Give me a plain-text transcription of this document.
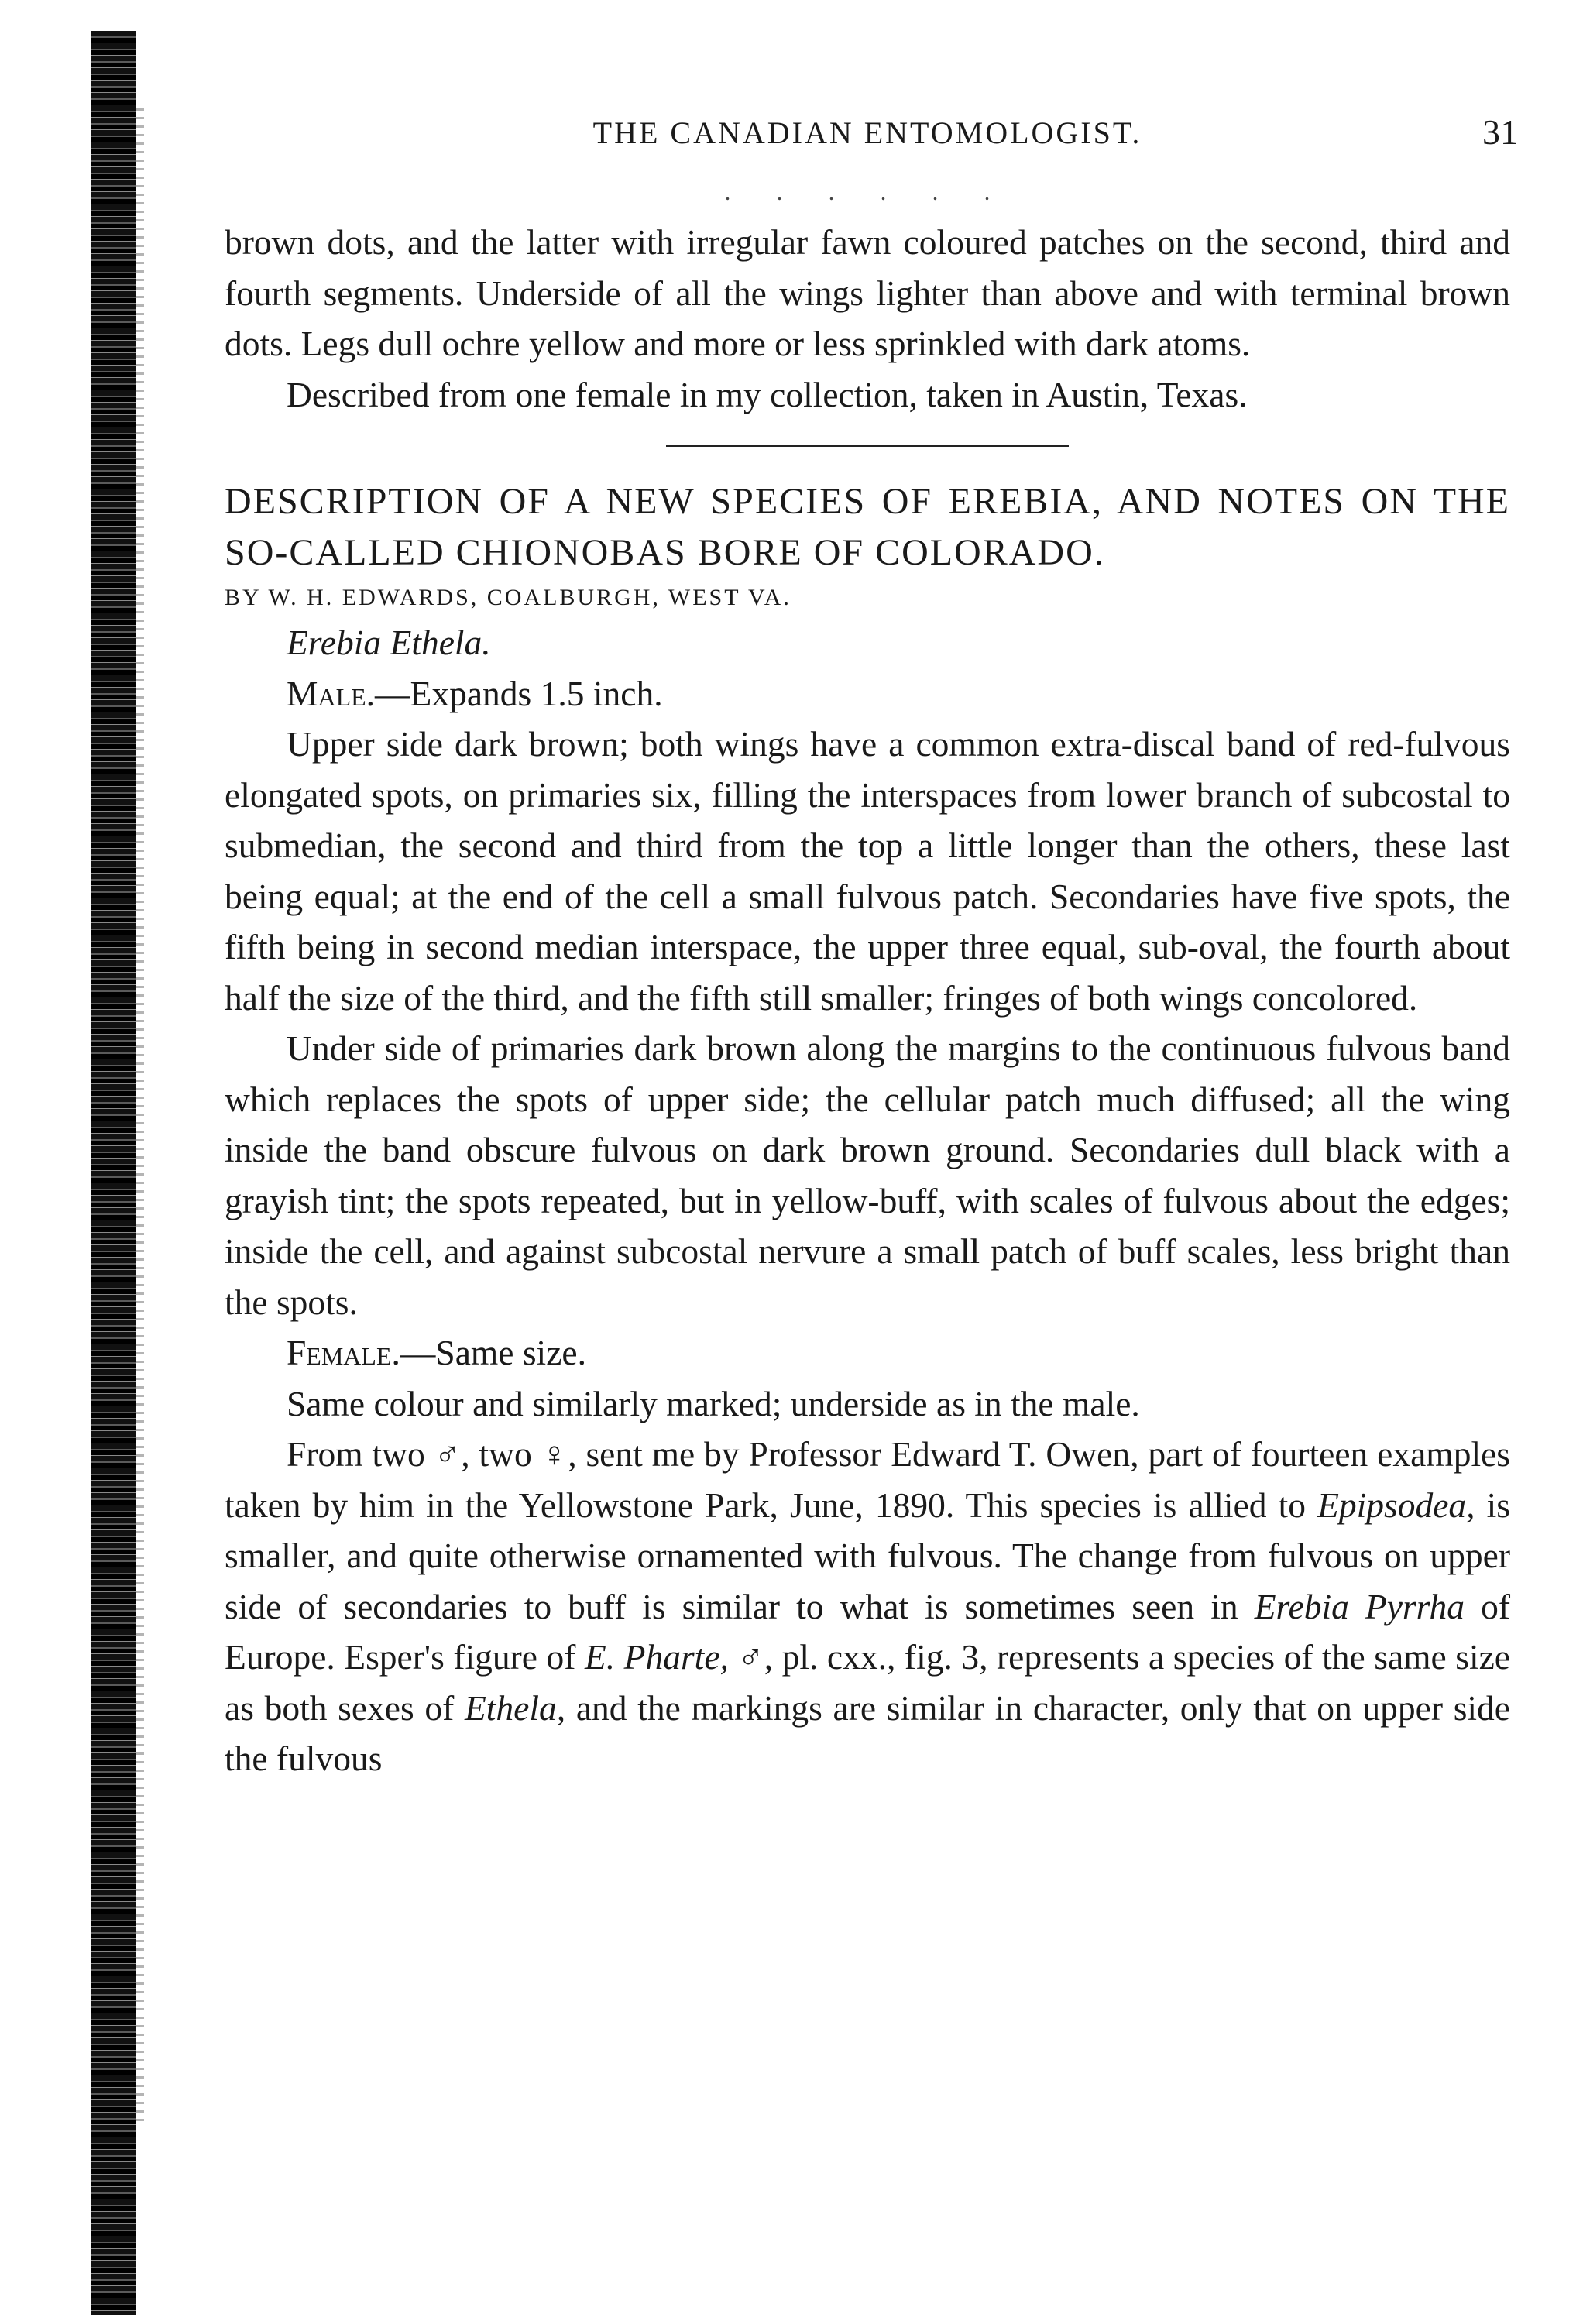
THE CANADIAN ENTOMOLOGIST.	31
. . . . . .

brown dots, and the latter with irregular fawn coloured patches on the second, third and fourth segments. Underside of all the wings lighter than above and with terminal brown dots. Legs dull ochre yellow and more or less sprinkled with dark atoms.

Described from one female in my collection, taken in Austin, Texas.

DESCRIPTION OF A NEW SPECIES OF EREBIA, AND NOTES ON THE SO-CALLED CHIONOBAS BORE OF COLORADO.

BY W. H. EDWARDS, COALBURGH, WEST VA.

Erebia Ethela.

Male.—Expands 1.5 inch.

Upper side dark brown; both wings have a common extra-discal band of red-fulvous elongated spots, on primaries six, filling the interspaces from lower branch of subcostal to submedian, the second and third from the top a little longer than the others, these last being equal; at the end of the cell a small fulvous patch. Secondaries have five spots, the fifth being in second median interspace, the upper three equal, sub-oval, the fourth about half the size of the third, and the fifth still smaller; fringes of both wings concolored.

Under side of primaries dark brown along the margins to the continuous fulvous band which replaces the spots of upper side; the cellular patch much diffused; all the wing inside the band obscure fulvous on dark brown ground. Secondaries dull black with a grayish tint; the spots repeated, but in yellow-buff, with scales of fulvous about the edges; inside the cell, and against subcostal nervure a small patch of buff scales, less bright than the spots.

Female.—Same size.

Same colour and similarly marked; underside as in the male.

From two ♂, two ♀, sent me by Professor Edward T. Owen, part of fourteen examples taken by him in the Yellowstone Park, June, 1890. This species is allied to Epipsodea, is smaller, and quite otherwise ornamented with fulvous. The change from fulvous on upper side of secondaries to buff is similar to what is sometimes seen in Erebia Pyrrha of Europe. Esper's figure of E. Pharte, ♂, pl. cxx., fig. 3, represents a species of the same size as both sexes of Ethela, and the markings are similar in character, only that on upper side the fulvous
